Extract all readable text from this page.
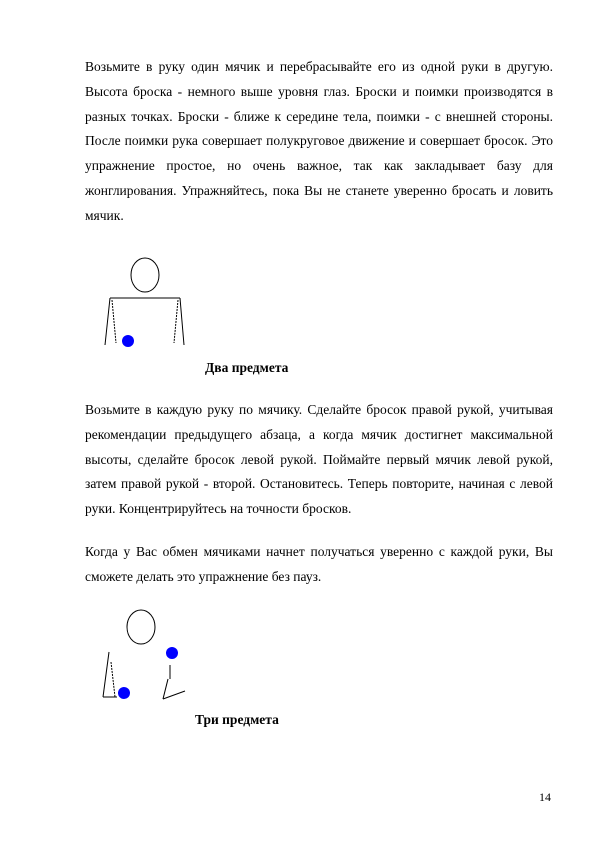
Возьмите в руку один мячик и перебрасывайте его из одной руки в другую. Высота броска - немного выше уровня глаз. Броски и поимки производятся в разных точках. Броски - ближе к середине тела, поимки - с внешней стороны. После поимки рука совершает полукруговое движение и совершает бросок. Это упражнение простое, но очень важное, так как закладывает базу для жонглирования. Упражняйтесь, пока Вы не станете уверенно бросать и ловить мячик.

Два предмета

Возьмите в каждую руку по мячику. Сделайте бросок правой рукой, учитывая рекомендации предыдущего абзаца, а когда мячик достигнет максимальной высоты, сделайте бросок левой рукой. Поймайте первый мячик левой рукой, затем правой рукой - второй. Остановитесь. Теперь повторите, начиная с левой руки. Концентрируйтесь на точности бросков.

Когда у Вас обмен мячиками начнет получаться уверенно с каждой руки, Вы сможете делать это упражнение без пауз.

Три предмета

14
